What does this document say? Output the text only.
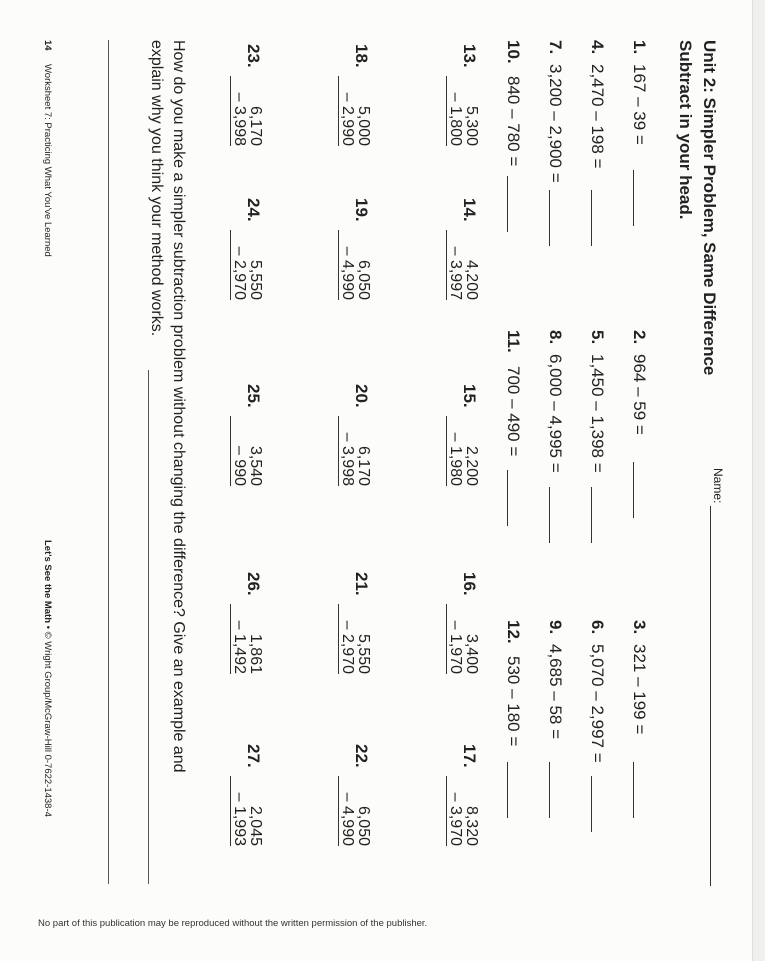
Unit 2: Simpler Problem, Same Difference
Name:
Subtract in your head.
1.
167 – 39 =
2.
964 – 59 =
3.
321 – 199 =
4.
2,470 – 198 =
5.
1,450 – 1,398 =
6.
5,070 – 2,997 =
7.
3,200 – 2,900 =
8.
6,000 – 4,995 =
9.
4,685 – 58 =
10.
840 – 780 =
11.
700 – 490 =
12.
530 – 180 =
13.
5,300
– 1,800
14.
4,200
– 3,997
15.
2,200
– 1,980
16.
3,400
– 1,970
17.
8,320
– 3,970
18.
5,000
– 2,990
19.
6,050
– 4,990
20.
6,170
– 3,998
21.
5,550
– 2,970
22.
6,050
– 4,990
23.
6,170
– 3,998
24.
5,550
– 2,970
25.
3,540
– 990
26.
1,861
– 1,492
27.
2,045
– 1,993
How do you make a simpler subtraction problem without changing the difference? Give an example and
explain why you think your method works.
14
Worksheet 7: Practicing What You've Learned
Let's See the Math • © Wright Group/McGraw-Hill 0-7622-1438-4
No part of this publication may be reproduced without the written permission of the publisher.
